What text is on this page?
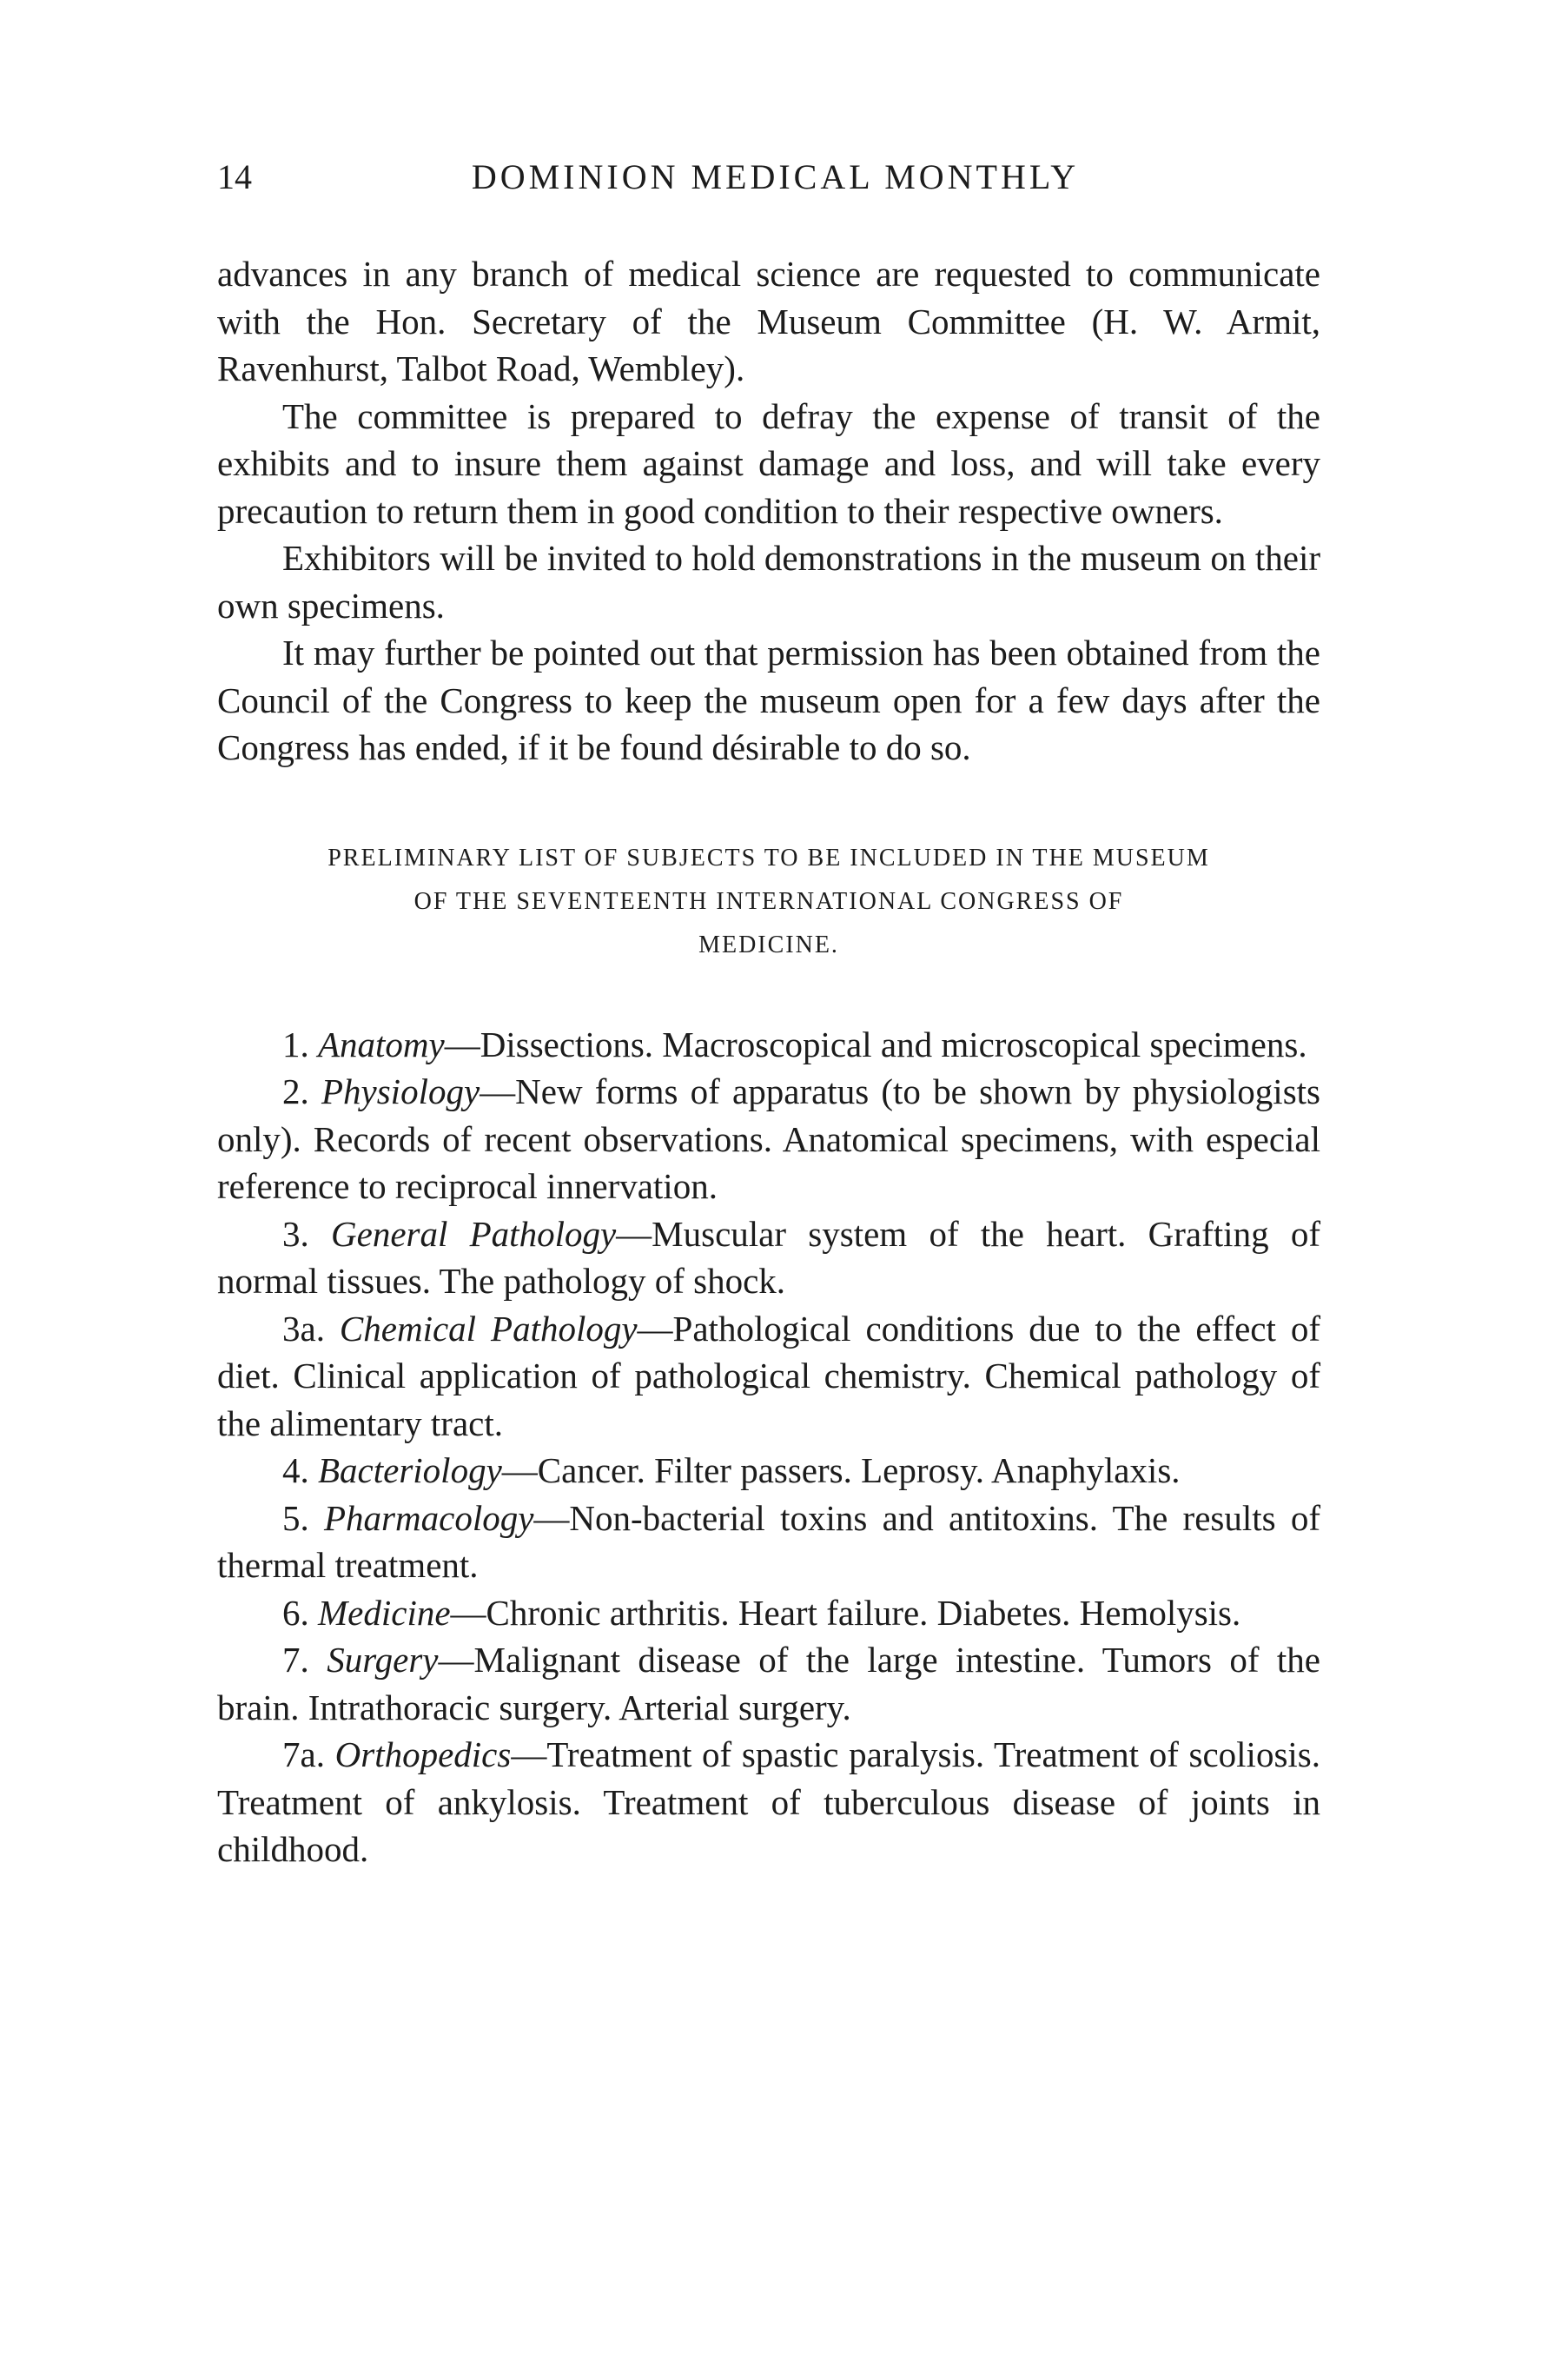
14	DOMINION MEDICAL MONTHLY

advances in any branch of medical science are requested to communicate with the Hon. Secretary of the Museum Committee (H. W. Armit, Ravenhurst, Talbot Road, Wembley).

The committee is prepared to defray the expense of transit of the exhibits and to insure them against damage and loss, and will take every precaution to return them in good condition to their respective owners.

Exhibitors will be invited to hold demonstrations in the museum on their own specimens.

It may further be pointed out that permission has been obtained from the Council of the Congress to keep the museum open for a few days after the Congress has ended, if it be found désirable to do so.

PRELIMINARY LIST OF SUBJECTS TO BE INCLUDED IN THE MUSEUM
OF THE SEVENTEENTH INTERNATIONAL CONGRESS OF
MEDICINE.

1. Anatomy—Dissections. Macroscopical and microscopical specimens.

2. Physiology—New forms of apparatus (to be shown by physiologists only). Records of recent observations. Anatomical specimens, with especial reference to reciprocal innervation.

3. General Pathology—Muscular system of the heart. Grafting of normal tissues. The pathology of shock.

3a. Chemical Pathology—Pathological conditions due to the effect of diet. Clinical application of pathological chemistry. Chemical pathology of the alimentary tract.

4. Bacteriology—Cancer. Filter passers. Leprosy. Anaphylaxis.

5. Pharmacology—Non-bacterial toxins and antitoxins. The results of thermal treatment.

6. Medicine—Chronic arthritis. Heart failure. Diabetes. Hemolysis.

7. Surgery—Malignant disease of the large intestine. Tumors of the brain. Intrathoracic surgery. Arterial surgery.

7a. Orthopedics—Treatment of spastic paralysis. Treatment of scoliosis. Treatment of ankylosis. Treatment of tuberculous disease of joints in childhood.
